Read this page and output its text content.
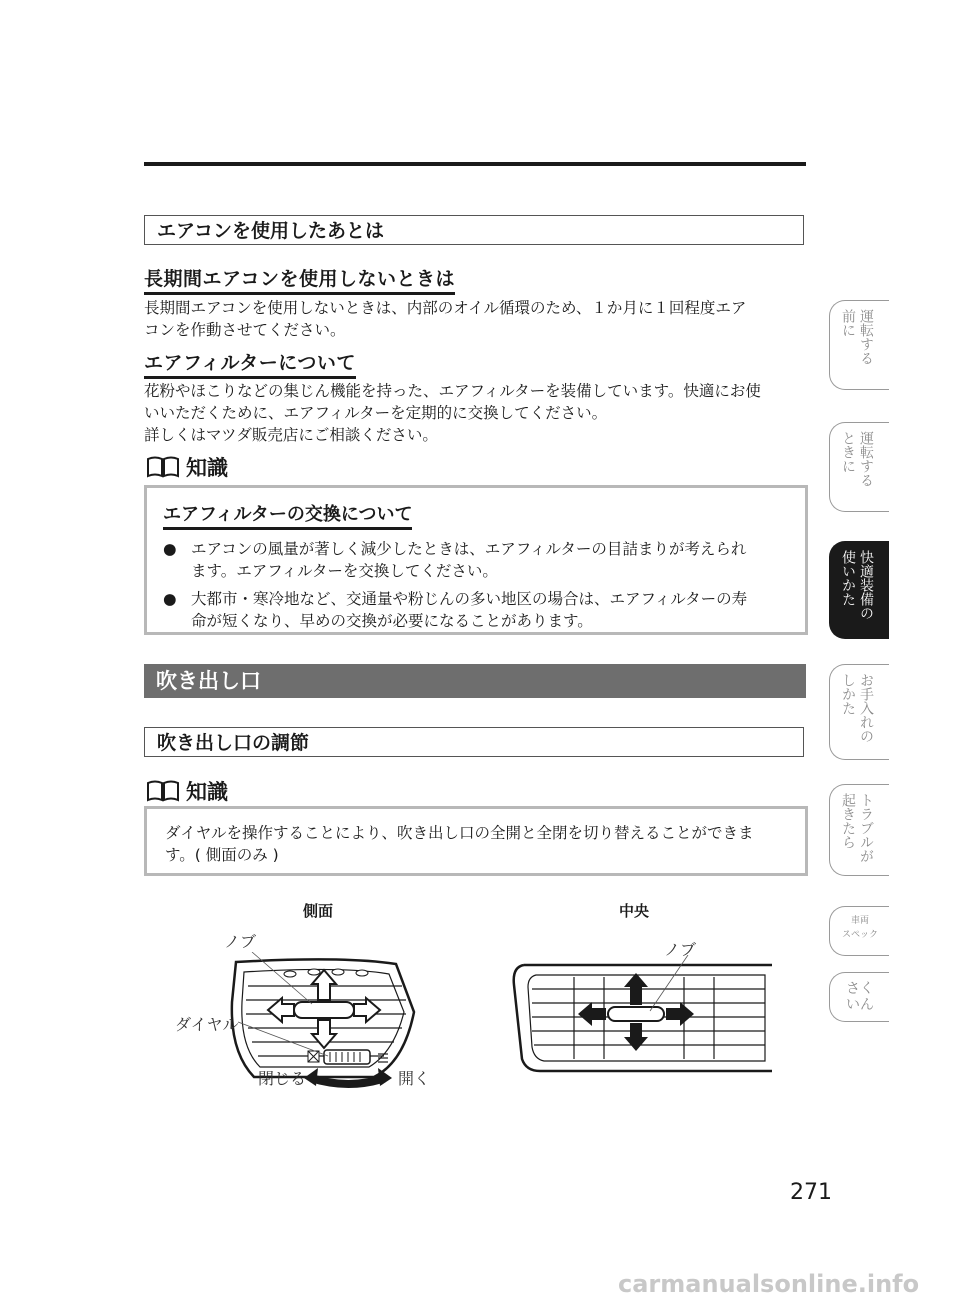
エアコンを使用したあとは
長期間エアコンを使用しないときは
長期間エアコンを使用しないときは、内部のオイル循環のため、１か月に１回程度エア
コンを作動させてください。
エアフィルターについて
花粉やほこりなどの集じん機能を持った、エアフィルターを装備しています。快適にお使
いいただくために、エアフィルターを定期的に交換してください。
詳しくはマツダ販売店にご相談ください。
知識
エアフィルターの交換について
● エアコンの風量が著しく減少したときは、エアフィルターの目詰まりが考えられ
ます。エアフィルターを交換してください。
● 大都市・寒冷地など、交通量や粉じんの多い地区の場合は、エアフィルターの寿
命が短くなり、早めの交換が必要になることがあります。
吹き出し口
吹き出し口の調節
知識
ダイヤルを操作することにより、吹き出し口の全開と全閉を切り替えることができま
す。( 側面のみ )
側面	中央
ノブ
ダイヤル
閉じる	開く
ノブ
運転する
前に
運転する
ときに
快適装備の
使いかた
お手入れの
しかた
トラブルが
起きたら
車両
スペック
さく
いん
271
carmanualsonline.info
